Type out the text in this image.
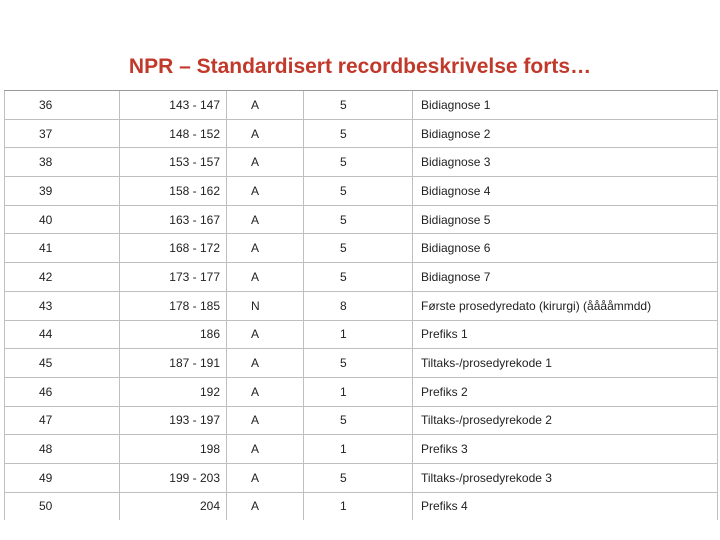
NPR – Standardisert recordbeskrivelse forts…
36	143 - 147	A	5	Bidiagnose 1
37	148 - 152	A	5	Bidiagnose 2
38	153 - 157	A	5	Bidiagnose 3
39	158 - 162	A	5	Bidiagnose 4
40	163 - 167	A	5	Bidiagnose 5
41	168 - 172	A	5	Bidiagnose 6
42	173 - 177	A	5	Bidiagnose 7
43	178 - 185	N	8	Første prosedyredato (kirurgi) (ååååmmdd)
44	186	A	1	Prefiks 1
45	187 - 191	A	5	Tiltaks-/prosedyrekode 1
46	192	A	1	Prefiks 2
47	193 - 197	A	5	Tiltaks-/prosedyrekode 2
48	198	A	1	Prefiks 3
49	199 - 203	A	5	Tiltaks-/prosedyrekode 3
50	204	A	1	Prefiks 4
